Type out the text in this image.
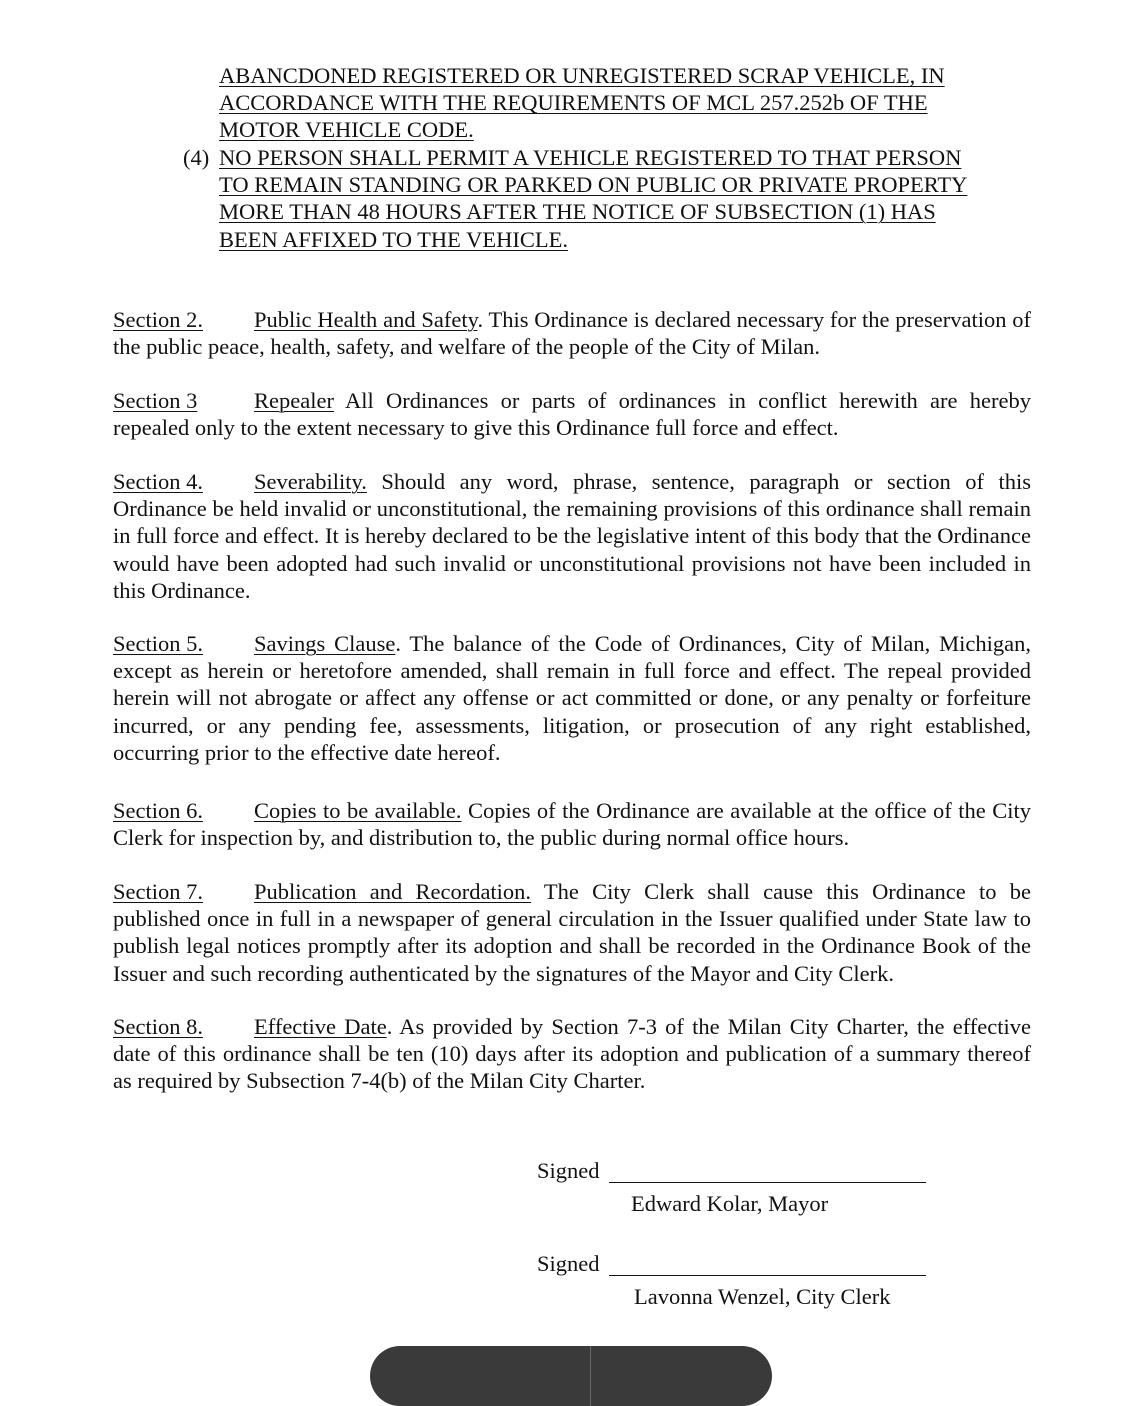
ABANCDONED REGISTERED OR UNREGISTERED SCRAP VEHICLE, IN
ACCORDANCE WITH THE REQUIREMENTS OF MCL 257.252b OF THE
MOTOR VEHICLE CODE.
(4) NO PERSON SHALL PERMIT A VEHICLE REGISTERED TO THAT PERSON
TO REMAIN STANDING OR PARKED ON PUBLIC OR PRIVATE PROPERTY
MORE THAN 48 HOURS AFTER THE NOTICE OF SUBSECTION (1) HAS
BEEN AFFIXED TO THE VEHICLE.
Section 2. Public Health and Safety. This Ordinance is declared necessary for the preservation of the public peace, health, safety, and welfare of the people of the City of Milan.
Section 3	Repealer All Ordinances or parts of ordinances in conflict herewith are hereby repealed only to the extent necessary to give this Ordinance full force and effect.
Section 4. Severability. Should any word, phrase, sentence, paragraph or section of this Ordinance be held invalid or unconstitutional, the remaining provisions of this ordinance shall remain in full force and effect. It is hereby declared to be the legislative intent of this body that the Ordinance would have been adopted had such invalid or unconstitutional provisions not have been included in this Ordinance.
Section 5. Savings Clause. The balance of the Code of Ordinances, City of Milan, Michigan, except as herein or heretofore amended, shall remain in full force and effect. The repeal provided herein will not abrogate or affect any offense or act committed or done, or any penalty or forfeiture incurred, or any pending fee, assessments, litigation, or prosecution of any right established, occurring prior to the effective date hereof.
Section 6. Copies to be available. Copies of the Ordinance are available at the office of the City Clerk for inspection by, and distribution to, the public during normal office hours.
Section 7. Publication and Recordation. The City Clerk shall cause this Ordinance to be published once in full in a newspaper of general circulation in the Issuer qualified under State law to publish legal notices promptly after its adoption and shall be recorded in the Ordinance Book of the Issuer and such recording authenticated by the signatures of the Mayor and City Clerk.
Section 8. Effective Date. As provided by Section 7-3 of the Milan City Charter, the effective date of this ordinance shall be ten (10) days after its adoption and publication of a summary thereof as required by Subsection 7-4(b) of the Milan City Charter.
Signed
Edward Kolar, Mayor
Signed
Lavonna Wenzel, City Clerk
